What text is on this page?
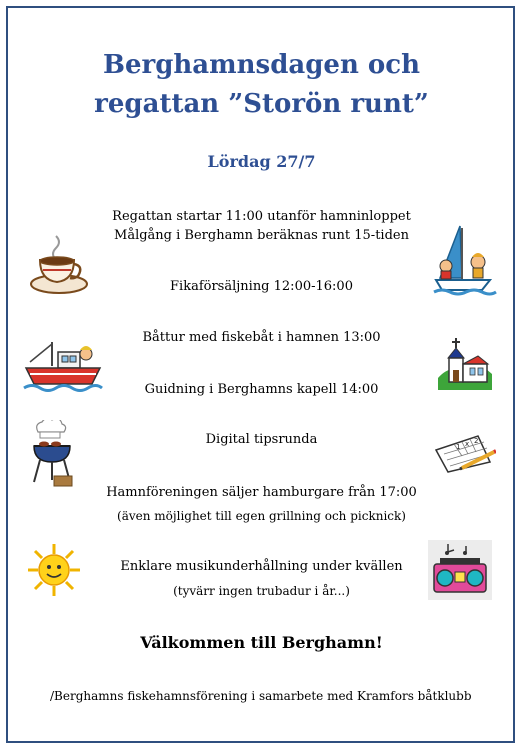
Berghamnsdagen och
regattan ”Storön runt”
Lördag 27/7
Regattan startar 11:00 utanför hamninloppet
Målgång i Berghamn beräknas runt 15-tiden
Fikaförsäljning 12:00-16:00
Båttur med fiskebåt i hamnen 13:00
Guidning i Berghamns kapell 14:00
Digital tipsrunda
Hamnföreningen säljer hamburgare från 17:00
(även möjlighet till egen grillning och picknick)
Enklare musikunderhållning under kvällen
(tyvärr ingen trubadur i år...)
Välkommen till Berghamn!
/Berghamns fiskehamnsförening i samarbete med Kramfors båtklubb
1 x 2
